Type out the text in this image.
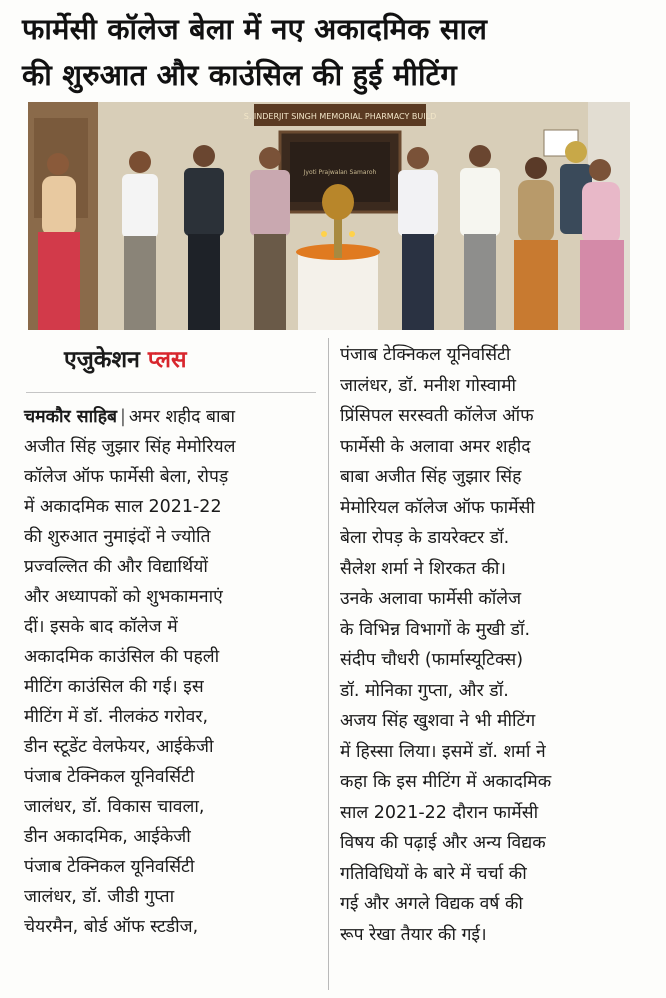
फार्मेसी कॉलेज बेला में नए अकादमिक साल
की शुरुआत और काउंसिल की हुई मीटिंग
S. INDERJIT SINGH MEMORIAL PHARMACY BUILD
Jyoti Prajwalan Samaroh
एजुकेशन प्लस
चमकौर साहिब | अमर शहीद बाबा
अजीत सिंह जुझार सिंह मेमोरियल
कॉलेज ऑफ फार्मेसी बेला, रोपड़
में अकादमिक साल 2021-22
की शुरुआत नुमाइंदों ने ज्योति
प्रज्वल्लित की और विद्यार्थियों
और अध्यापकों को शुभकामनाएं
दीं। इसके बाद कॉलेज में
अकादमिक काउंसिल की पहली
मीटिंग काउंसिल की गई। इस
मीटिंग में डॉ. नीलकंठ गरोवर,
डीन स्टूडेंट वेलफेयर, आईकेजी
पंजाब टेक्निकल यूनिवर्सिटी
जालंधर, डॉ. विकास चावला,
डीन अकादमिक, आईकेजी
पंजाब टेक्निकल यूनिवर्सिटी
जालंधर, डॉ. जीडी गुप्ता
चेयरमैन, बोर्ड ऑफ स्टडीज,
पंजाब टेक्निकल यूनिवर्सिटी
जालंधर, डॉ. मनीश गोस्वामी
प्रिंसिपल सरस्वती कॉलेज ऑफ
फार्मेसी के अलावा अमर शहीद
बाबा अजीत सिंह जुझार सिंह
मेमोरियल कॉलेज ऑफ फार्मेसी
बेला रोपड़ के डायरेक्टर डॉ.
सैलेश शर्मा ने शिरकत की।
उनके अलावा फार्मेसी कॉलेज
के विभिन्न विभागों के मुखी डॉ.
संदीप चौधरी (फार्मास्यूटिक्स)
डॉ. मोनिका गुप्ता, और डॉ.
अजय सिंह खुशवा ने भी मीटिंग
में हिस्सा लिया। इसमें डॉ. शर्मा ने
कहा कि इस मीटिंग में अकादमिक
साल 2021-22 दौरान फार्मेसी
विषय की पढ़ाई और अन्य विद्यक
गतिविधियों के बारे में चर्चा की
गई और अगले विद्यक वर्ष की
रूप रेखा तैयार की गई।
